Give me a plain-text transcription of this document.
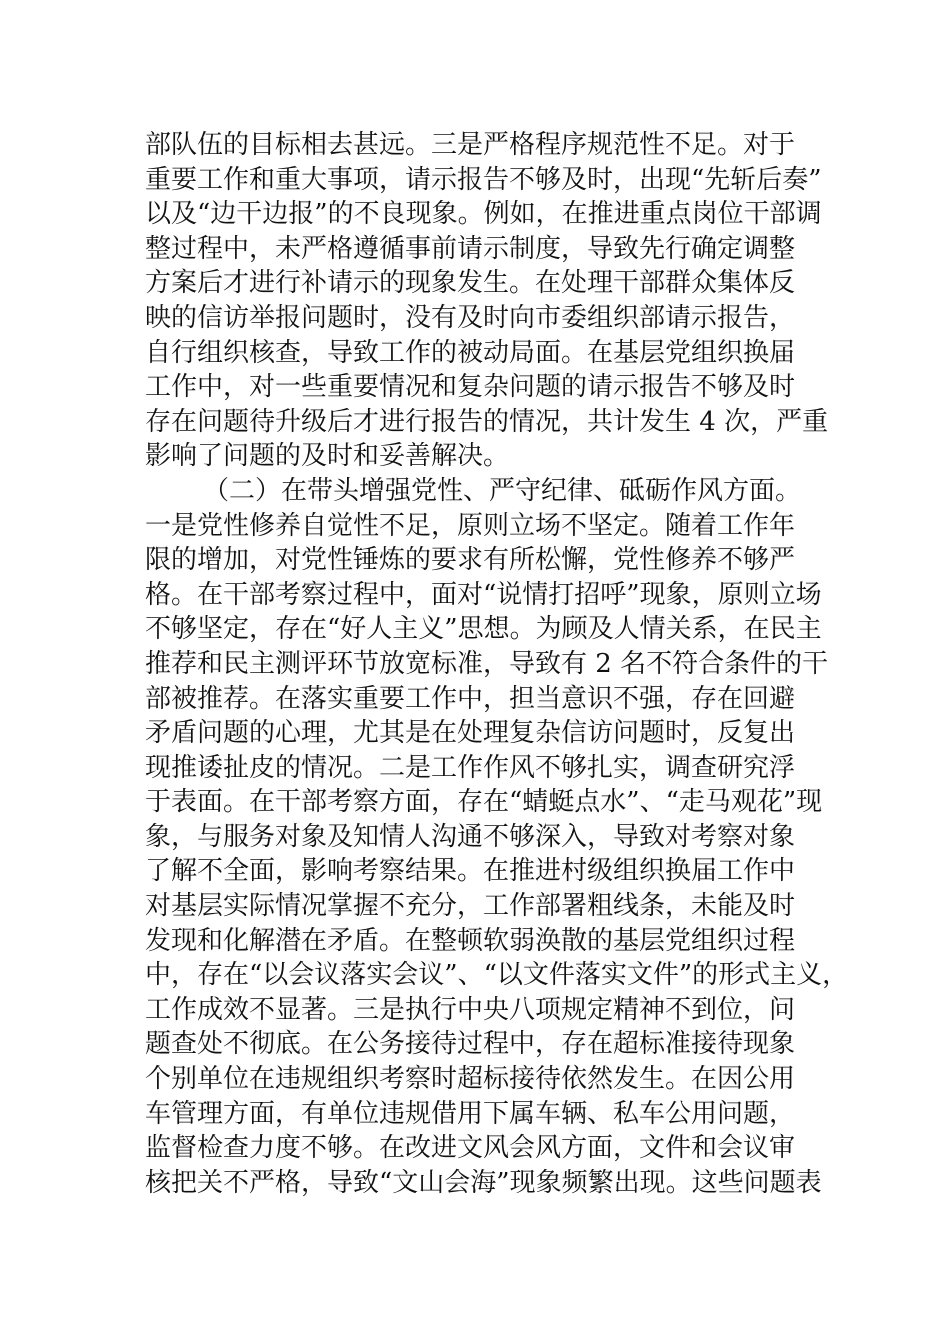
部队伍的目标相去甚远。三是严格程序规范性不足。对于
重要工作和重大事项，请示报告不够及时，出现“先斩后奏”
以及“边干边报”的不良现象。例如，在推进重点岗位干部调
整过程中，未严格遵循事前请示制度，导致先行确定调整
方案后才进行补请示的现象发生。在处理干部群众集体反
映的信访举报问题时，没有及时向市委组织部请示报告，
自行组织核查，导致工作的被动局面。在基层党组织换届
工作中，对一些重要情况和复杂问题的请示报告不够及时
存在问题待升级后才进行报告的情况，共计发生 4 次，严重
影响了问题的及时和妥善解决。
（二）在带头增强党性、严守纪律、砥砺作风方面。
一是党性修养自觉性不足，原则立场不坚定。随着工作年
限的增加，对党性锤炼的要求有所松懈，党性修养不够严
格。在干部考察过程中，面对“说情打招呼”现象，原则立场
不够坚定，存在“好人主义”思想。为顾及人情关系，在民主
推荐和民主测评环节放宽标准，导致有 2 名不符合条件的干
部被推荐。在落实重要工作中，担当意识不强，存在回避
矛盾问题的心理，尤其是在处理复杂信访问题时，反复出
现推诿扯皮的情况。二是工作作风不够扎实，调查研究浮
于表面。在干部考察方面，存在“蜻蜓点水”、“走马观花”现
象，与服务对象及知情人沟通不够深入，导致对考察对象
了解不全面，影响考察结果。在推进村级组织换届工作中
对基层实际情况掌握不充分，工作部署粗线条，未能及时
发现和化解潜在矛盾。在整顿软弱涣散的基层党组织过程
中，存在“以会议落实会议”、“以文件落实文件”的形式主义，
工作成效不显著。三是执行中央八项规定精神不到位，问
题查处不彻底。在公务接待过程中，存在超标准接待现象
个别单位在违规组织考察时超标接待依然发生。在因公用
车管理方面，有单位违规借用下属车辆、私车公用问题，
监督检查力度不够。在改进文风会风方面，文件和会议审
核把关不严格，导致“文山会海”现象频繁出现。这些问题表
